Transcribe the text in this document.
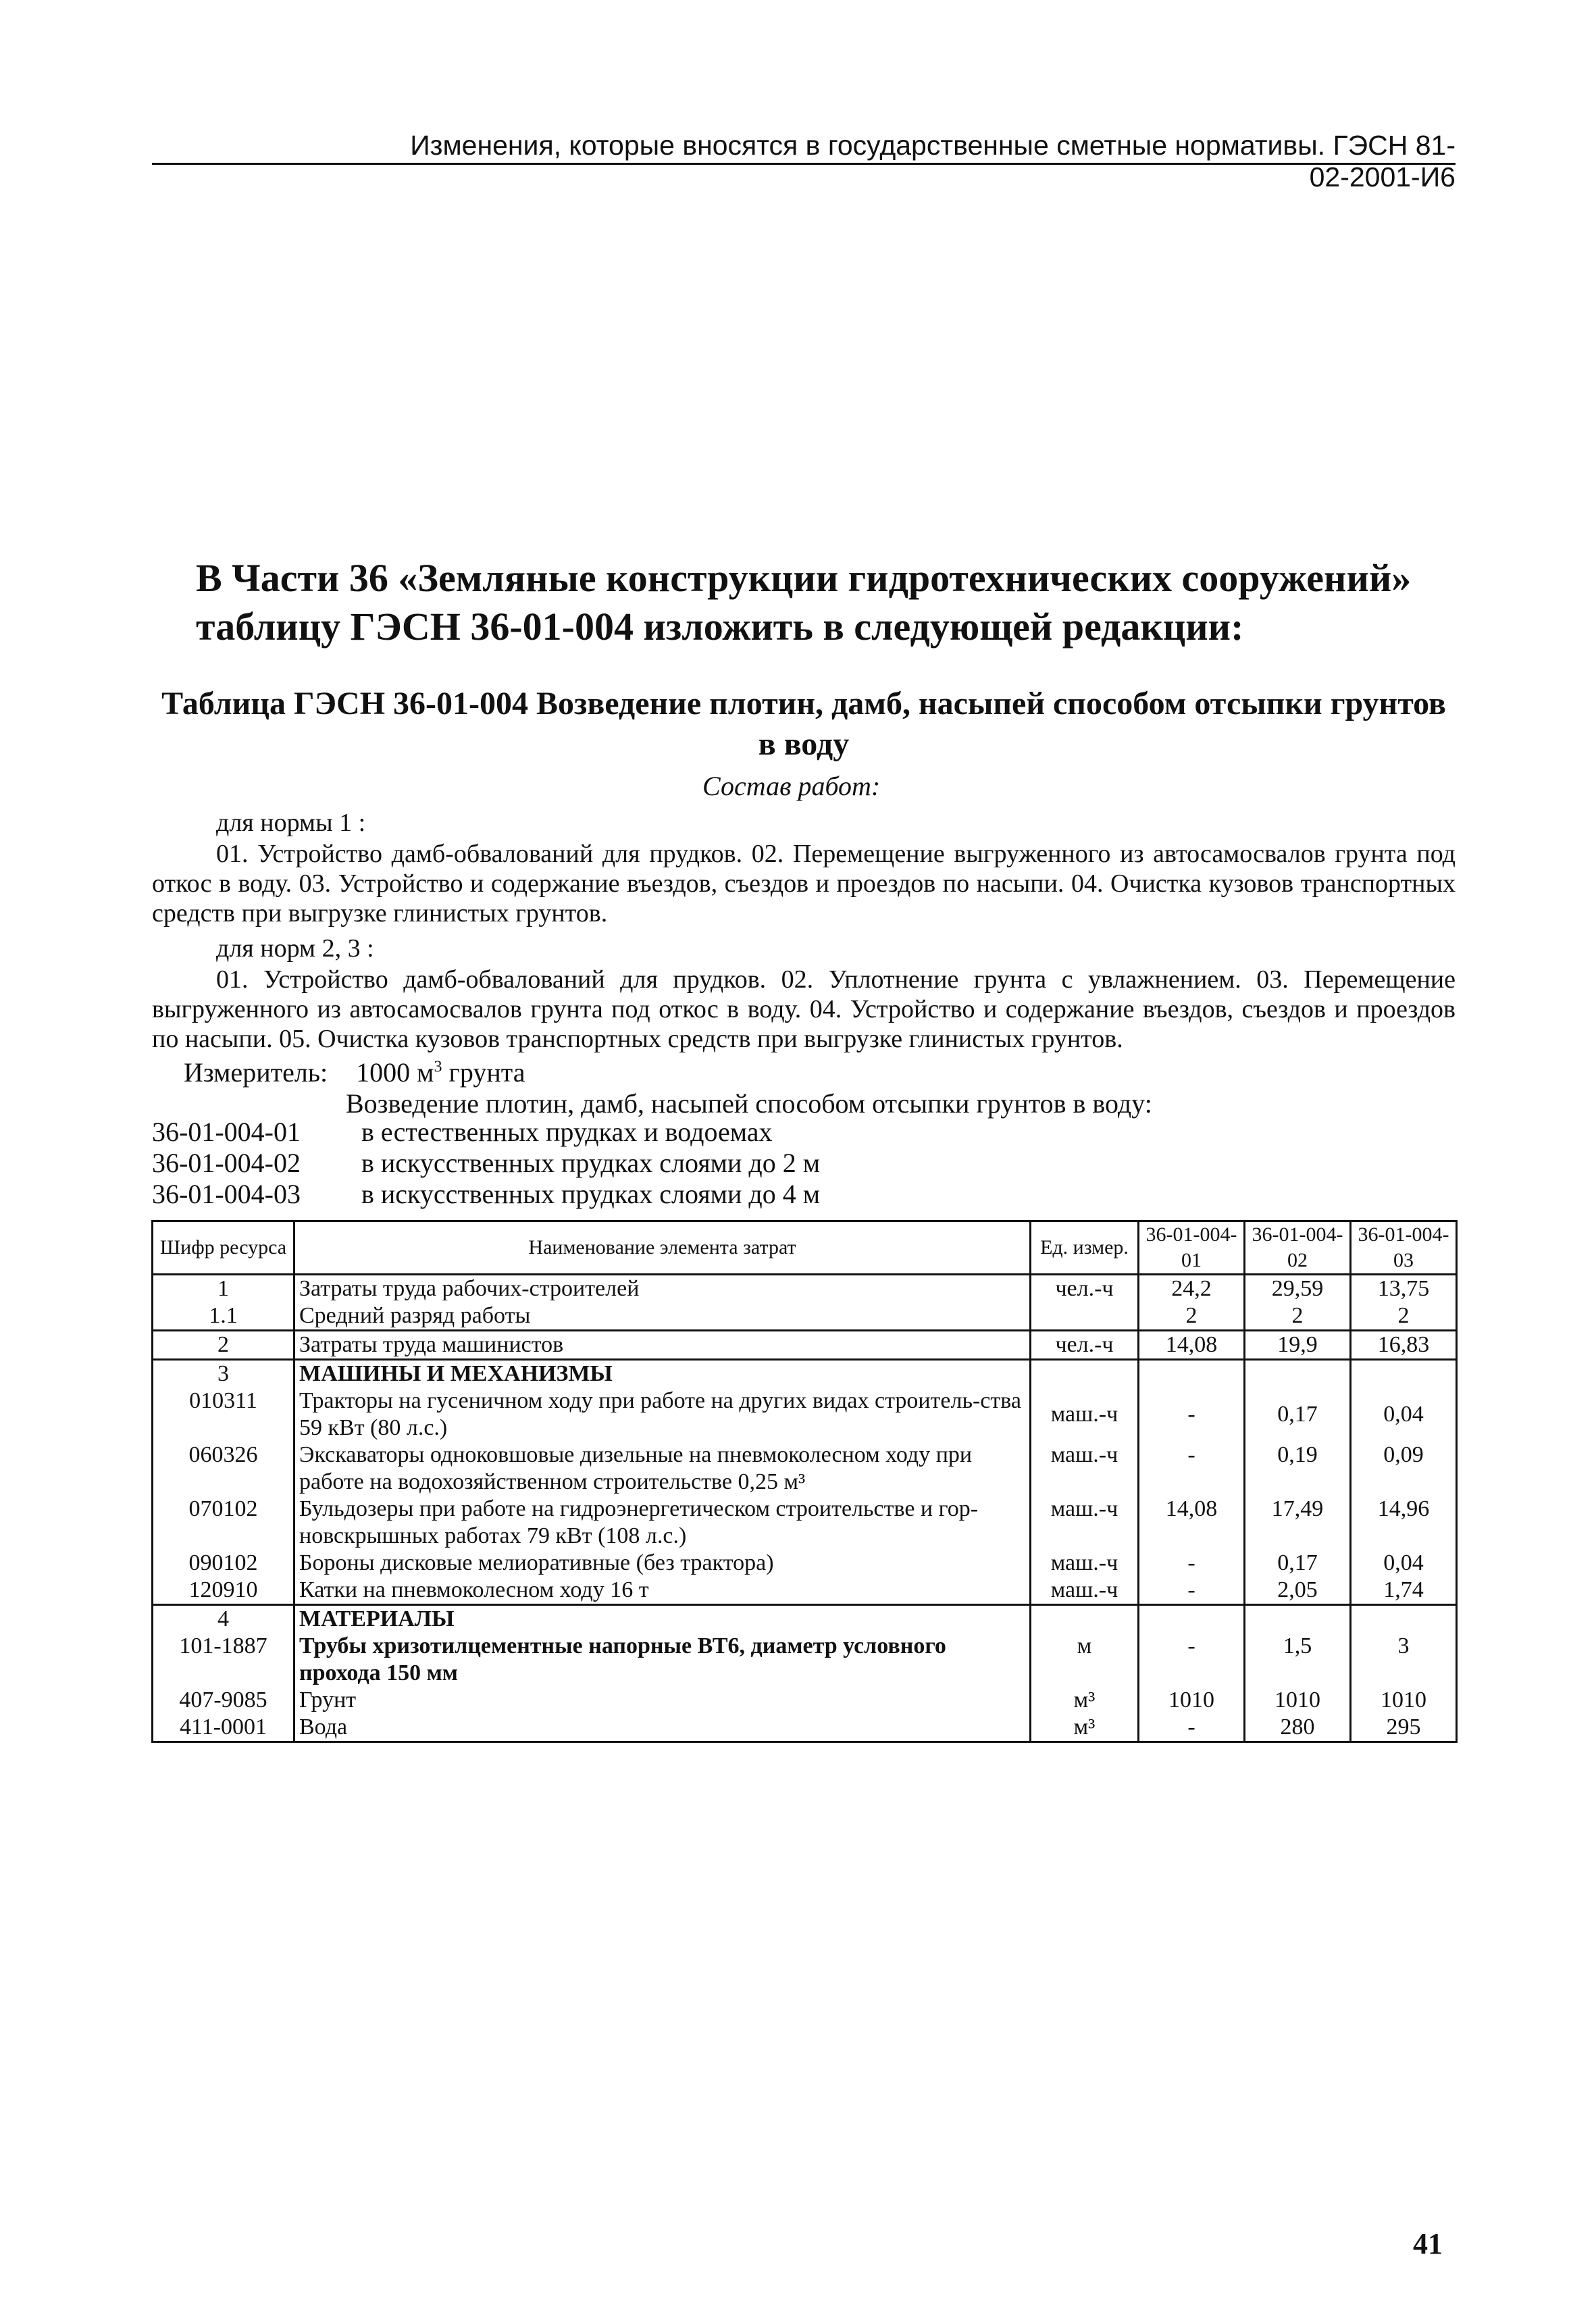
Изменения, которые вносятся в государственные сметные нормативы. ГЭСН 81-02-2001-И6
В Части 36 «Земляные конструкции гидротехнических сооружений» таблицу ГЭСН 36-01-004 изложить в следующей редакции:
Таблица ГЭСН 36-01-004 Возведение плотин, дамб, насыпей способом отсыпки грунтов
в воду
Состав работ:
для нормы 1 :
01. Устройство дамб-обвалований для прудков. 02. Перемещение выгруженного из автосамосвалов грунта под откос в воду. 03. Устройство и содержание въездов, съездов и проездов по насыпи. 04. Очистка кузовов транспортных средств при выгрузке глинистых грунтов.
для норм 2, 3 :
01. Устройство дамб-обвалований для прудков. 02. Уплотнение грунта с увлажнением. 03. Перемещение выгруженного из автосамосвалов грунта под откос в воду. 04. Устройство и содержание въездов, съездов и проездов по насыпи. 05. Очистка кузовов транспортных средств при выгрузке глинистых грунтов.
Измеритель: 1000 $м^3$ грунта
Возведение плотин, дамб, насыпей способом отсыпки грунтов в воду:
36-01-004-01 в естественных прудках и водоемах
36-01-004-02 в искусственных прудках слоями до 2 м
36-01-004-03 в искусственных прудках слоями до 4 м
Шифр ресурса	Наименование элемента затрат	Ед. измер.	36-01-004-01	36-01-004-02	36-01-004-03
1	Затраты труда рабочих-строителей	чел.-ч	24,2	29,59	13,75
1.1	Средний разряд работы		2	2	2
2	Затраты труда машинистов	чел.-ч	14,08	19,9	16,83
3	МАШИНЫ И МЕХАНИЗМЫ				
010311	Тракторы на гусеничном ходу при работе на других видах строитель-ства 59 кВт (80 л.с.)	маш.-ч	-	0,17	0,04
060326	Экскаваторы одноковшовые дизельные на пневмоколесном ходу при работе на водохозяйственном строительстве 0,25 м³	маш.-ч	-	0,19	0,09
070102	Бульдозеры при работе на гидроэнергетическом строительстве и гор-новскрышных работах 79 кВт (108 л.с.)	маш.-ч	14,08	17,49	14,96
090102	Бороны дисковые мелиоративные (без трактора)	маш.-ч	-	0,17	0,04
120910	Катки на пневмоколесном ходу 16 т	маш.-ч	-	2,05	1,74
4	МАТЕРИАЛЫ				
101-1887	Трубы хризотилцементные напорные ВТ6, диаметр условного прохода 150 мм	м	-	1,5	3
407-9085	Грунт	м³	1010	1010	1010
411-0001	Вода	м³	-	280	295
41
